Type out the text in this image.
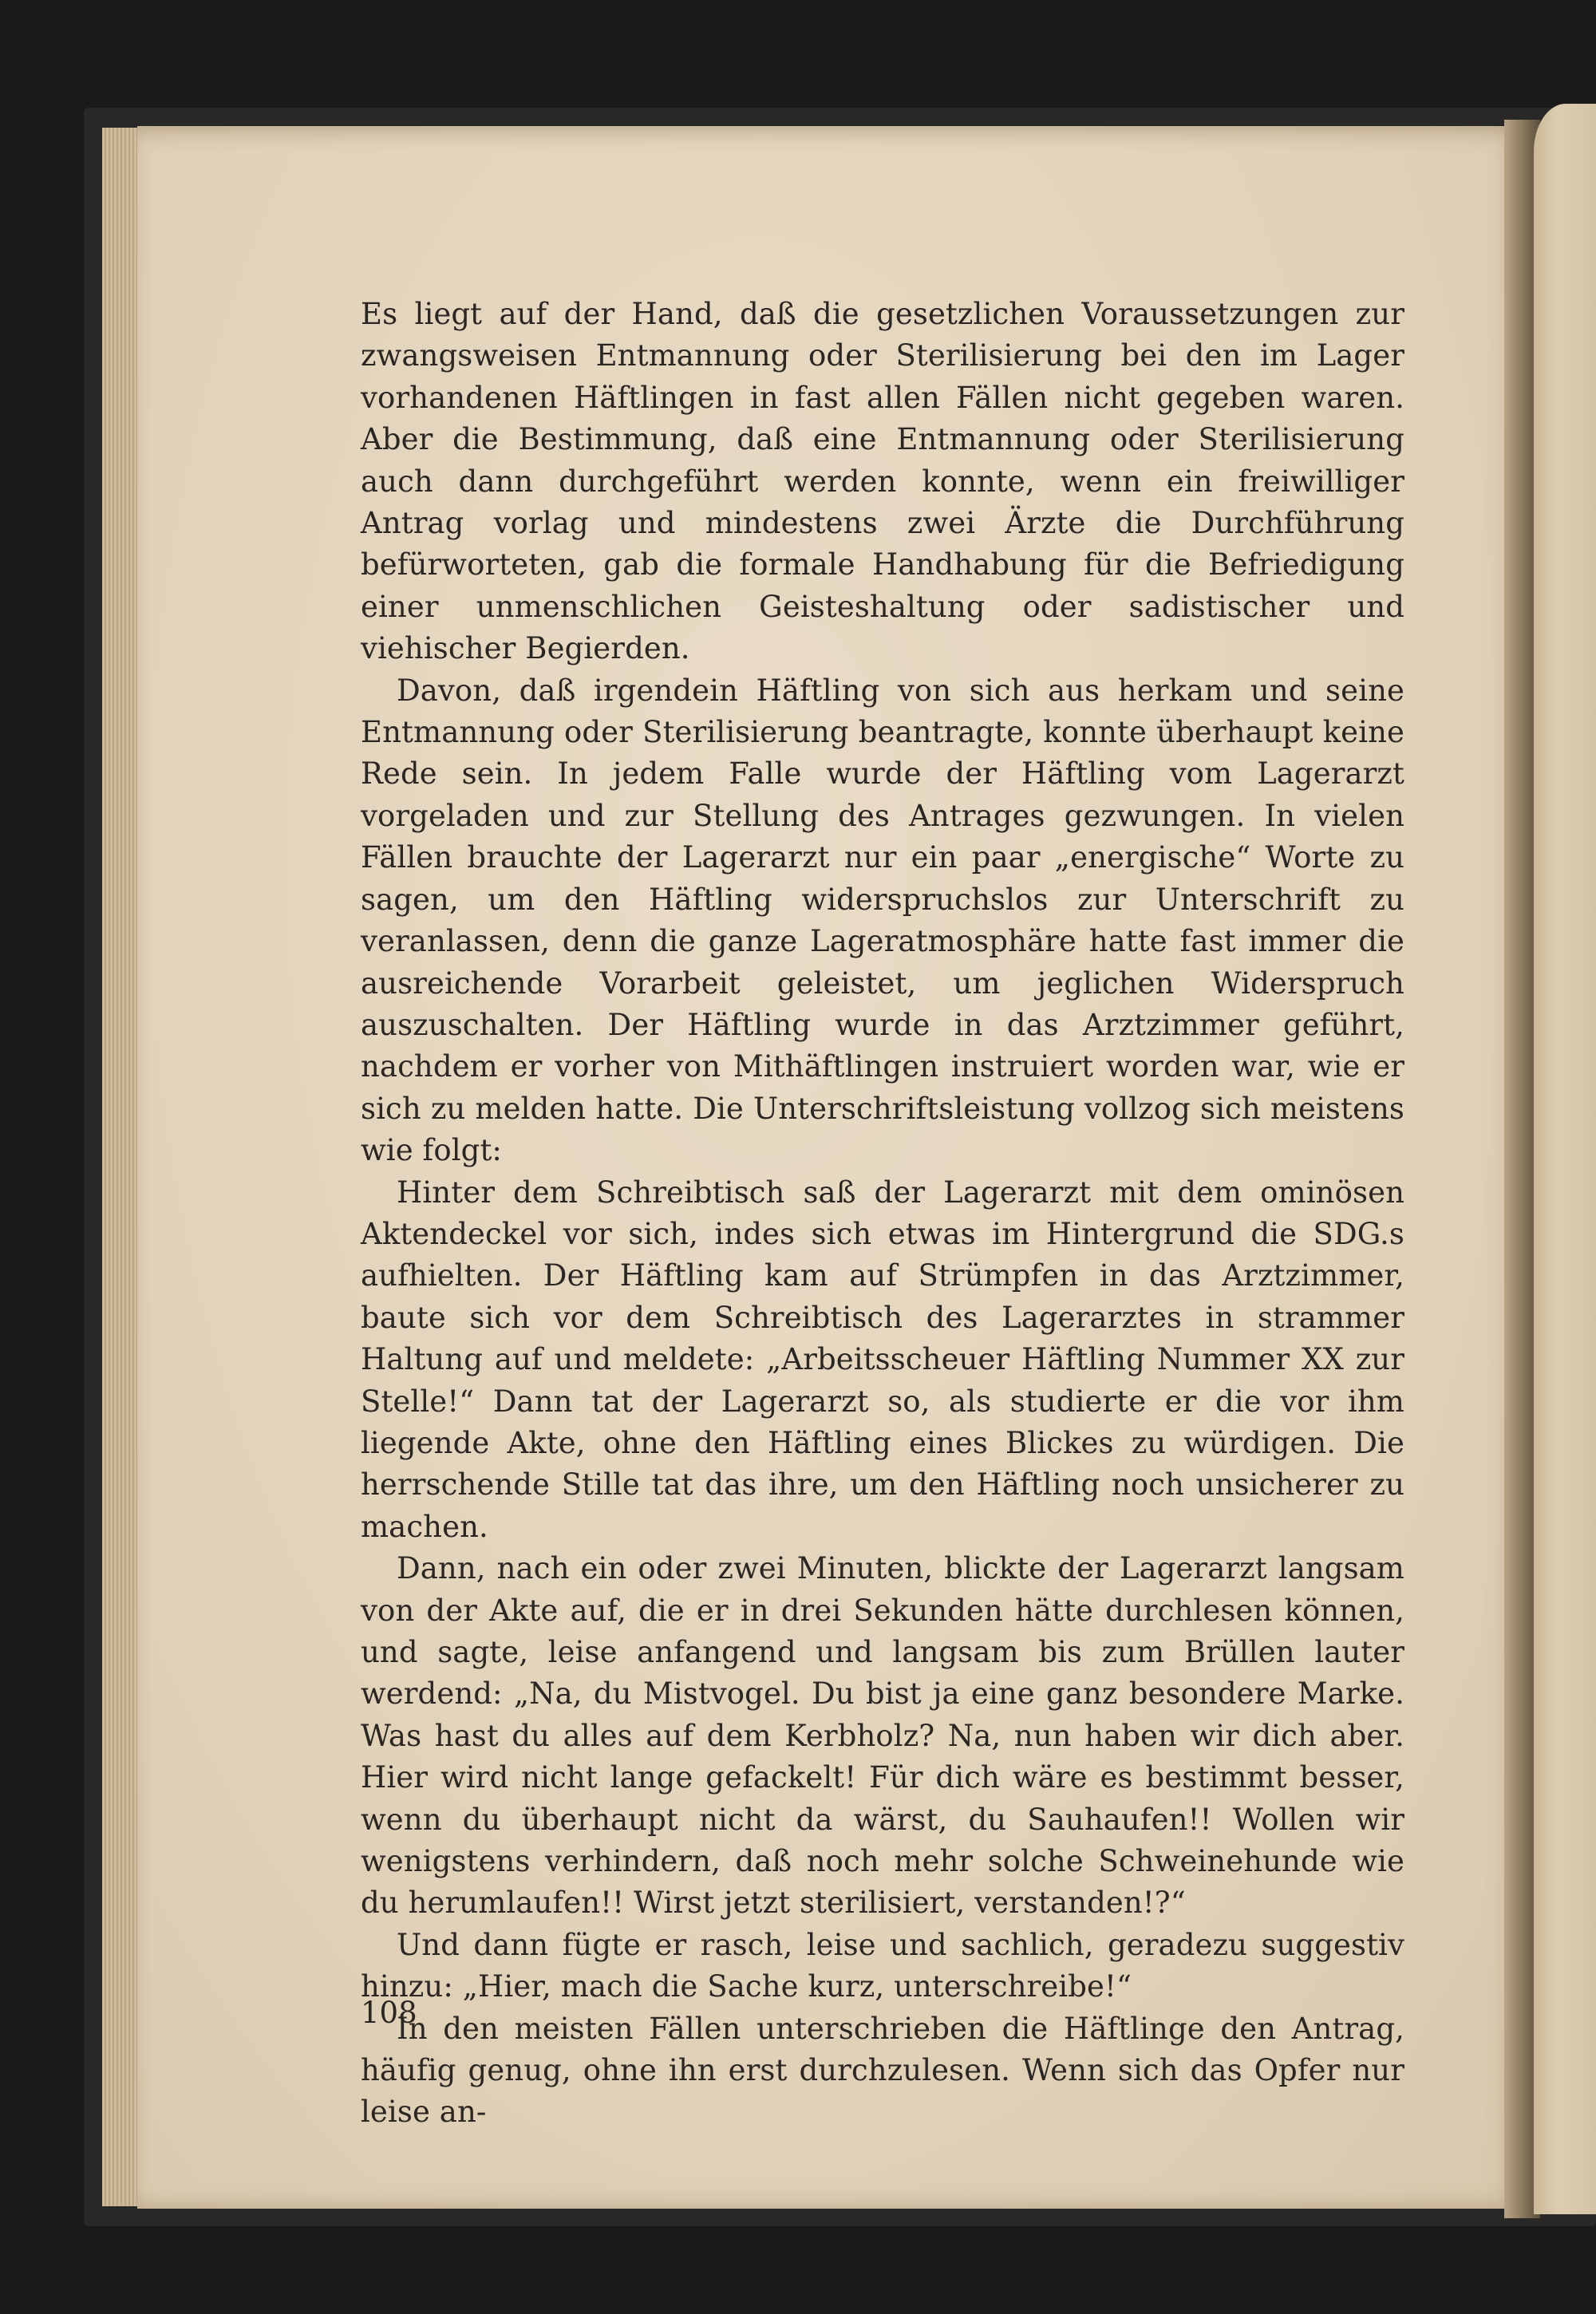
Es liegt auf der Hand, daß die gesetzlichen Voraussetzungen zur zwangsweisen Entmannung oder Sterilisierung bei den im Lager vorhandenen Häftlingen in fast allen Fällen nicht gegeben waren. Aber die Bestimmung, daß eine Entmannung oder Sterilisierung auch dann durchgeführt werden konnte, wenn ein freiwilliger Antrag vorlag und mindestens zwei Ärzte die Durchführung befürworteten, gab die formale Handhabung für die Befriedigung einer unmenschlichen Geisteshaltung oder sadistischer und viehischer Begierden.

Davon, daß irgendein Häftling von sich aus herkam und seine Entmannung oder Sterilisierung beantragte, konnte überhaupt keine Rede sein. In jedem Falle wurde der Häftling vom Lagerarzt vorgeladen und zur Stellung des Antrages gezwungen. In vielen Fällen brauchte der Lagerarzt nur ein paar „energische“ Worte zu sagen, um den Häftling widerspruchslos zur Unterschrift zu veranlassen, denn die ganze Lageratmosphäre hatte fast immer die ausreichende Vorarbeit geleistet, um jeglichen Widerspruch auszuschalten. Der Häftling wurde in das Arztzimmer geführt, nachdem er vorher von Mithäftlingen instruiert worden war, wie er sich zu melden hatte. Die Unterschriftsleistung vollzog sich meistens wie folgt:

Hinter dem Schreibtisch saß der Lagerarzt mit dem ominösen Aktendeckel vor sich, indes sich etwas im Hintergrund die SDG.s aufhielten. Der Häftling kam auf Strümpfen in das Arztzimmer, baute sich vor dem Schreibtisch des Lagerarztes in strammer Haltung auf und meldete: „Arbeitsscheuer Häftling Nummer XX zur Stelle!“ Dann tat der Lagerarzt so, als studierte er die vor ihm liegende Akte, ohne den Häftling eines Blickes zu würdigen. Die herrschende Stille tat das ihre, um den Häftling noch unsicherer zu machen.

Dann, nach ein oder zwei Minuten, blickte der Lagerarzt langsam von der Akte auf, die er in drei Sekunden hätte durchlesen können, und sagte, leise anfangend und langsam bis zum Brüllen lauter werdend: „Na, du Mistvogel. Du bist ja eine ganz besondere Marke. Was hast du alles auf dem Kerbholz? Na, nun haben wir dich aber. Hier wird nicht lange gefackelt! Für dich wäre es bestimmt besser, wenn du überhaupt nicht da wärst, du Sauhaufen!! Wollen wir wenigstens verhindern, daß noch mehr solche Schweinehunde wie du herumlaufen!! Wirst jetzt sterilisiert, verstanden!?“

Und dann fügte er rasch, leise und sachlich, geradezu suggestiv hinzu: „Hier, mach die Sache kurz, unterschreibe!“

In den meisten Fällen unterschrieben die Häftlinge den Antrag, häufig genug, ohne ihn erst durchzulesen. Wenn sich das Opfer nur leise an-

108
